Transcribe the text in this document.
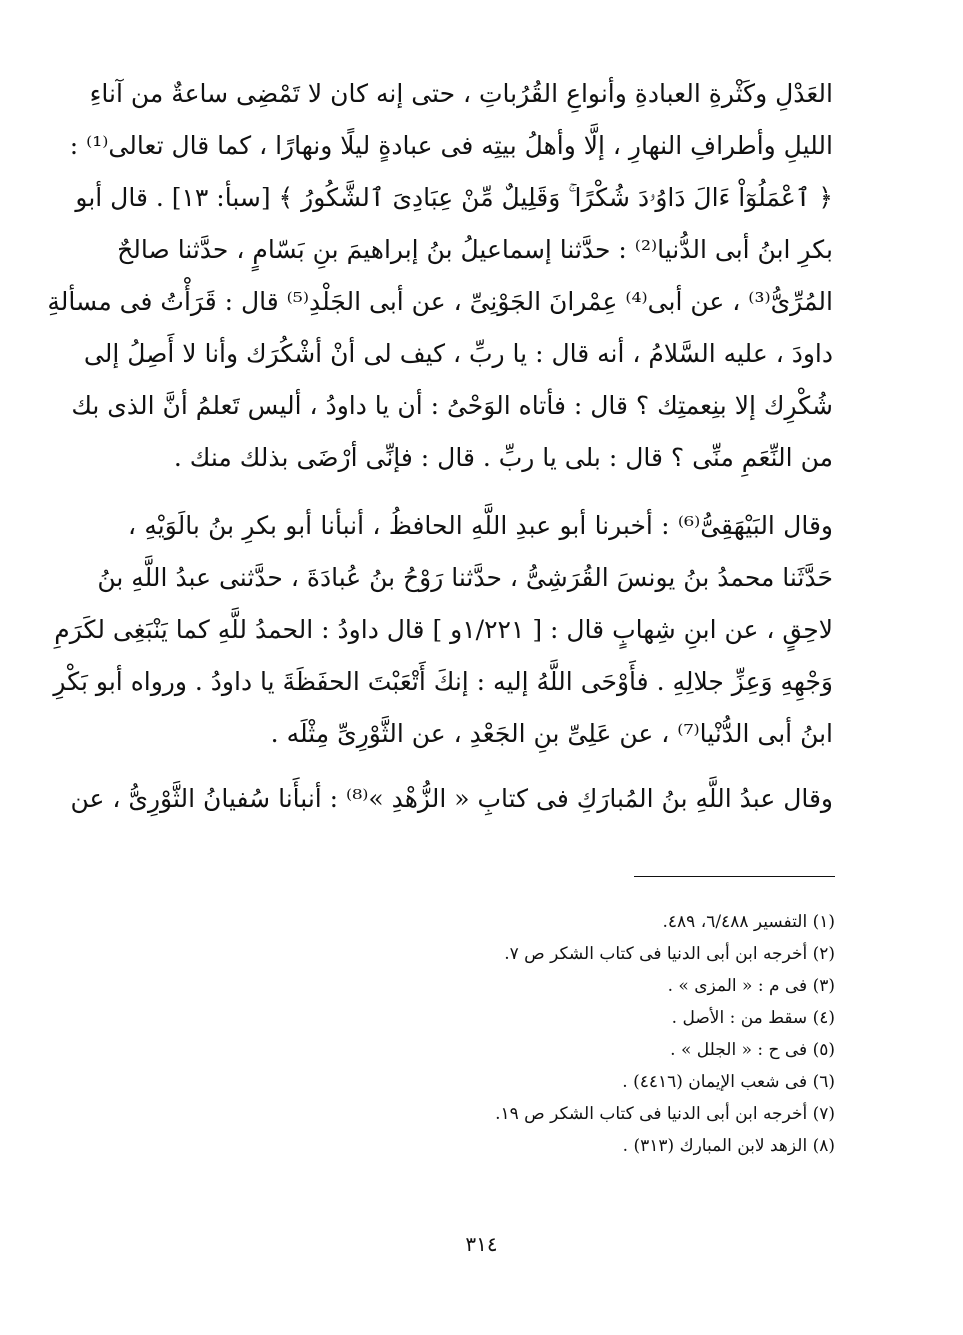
العَدْلِ وكَثْرةِ العبادةِ وأنواعِ القُرُباتِ ، حتى إنه كان لا تَمْضِى ساعةٌ من آناءِ
الليلِ وأطرافِ النهارِ ، إلَّا وأهلُ بيتِه فى عبادةٍ ليلًا ونهارًا ، كما قال تعالى⁽¹⁾ :
﴿ ٱعْمَلُوٓاْ ءَالَ دَاوُۥدَ شُكْرًا ۚ وَقَلِيلٌ مِّنْ عِبَادِىَ ٱلشَّكُورُ ﴾ [سبأ: ١٣] . قال أبو
بكرِ ابنُ أبى الدُّنيا⁽²⁾ : حدَّثنا إسماعيلُ بنُ إبراهيمَ بنِ بَسّامٍ ، حدَّثنا صالحٌ
المُرِّىُّ⁽³⁾ ، عن أبى⁽⁴⁾ عِمْرانَ الجَوْنِىِّ ، عن أبى الجَلْدِ⁽⁵⁾ قال : قَرَأْتُ فى مسألةِ
داودَ ، عليه السَّلامُ ، أنه قال : يا ربِّ ، كيف لى أنْ أشْكُرَك وأنا لا أَصِلُ إلى
شُكْرِك إلا بنِعمتِك ؟ قال : فأتاه الوَحْىُ : أن يا داودُ ، أليس تَعلمُ أنَّ الذى بك
من النِّعَمِ منِّى ؟ قال : بلى يا ربِّ . قال : فإنِّى أرْضَى بذلك منك .
وقال البَيْهَقِىُّ⁽⁶⁾ : أخبرنا أبو عبدِ اللَّهِ الحافظُ ، أنبأنا أبو بكرِ بنُ بالَوَيْهِ ،
حَدَّثَنا محمدُ بنُ يونسَ القُرَشِىُّ ، حدَّثنا رَوْحُ بنُ عُبادَةَ ، حدَّثنى عبدُ اللَّهِ بنُ
لاحِقٍ ، عن ابنِ شِهابٍ قال : [ ١/٢٢١و ] قال داودُ : الحمدُ للَّهِ كما يَنْبَغِى لكَرَمِ
وَجْهِهِ وَعِزِّ جلالِهِ . فأَوْحَى اللَّهُ إليه : إنكَ أَتْعَبْتَ الحفَظَةَ يا داودُ . ورواه أبو بَكْرِ
ابنُ أبى الدُّنْيا⁽⁷⁾ ، عن عَلِىِّ بنِ الجَعْدِ ، عن الثَّوْرِىِّ مِثْلَه .
وقال عبدُ اللَّهِ بنُ المُبارَكِ فى كتابِ « الزُّهْدِ »⁽⁸⁾ : أنبأَنا سُفيانُ الثَّوْرِىُّ ، عن
(١) التفسير ٦/٤٨٨، ٤٨٩.
(٢) أخرجه ابن أبى الدنيا فى كتاب الشكر ص ٧.
(٣) فى م : « المزى » .
(٤) سقط من : الأصل .
(٥) فى ح : « الجلل » .
(٦) فى شعب الإيمان (٤٤١٦) .
(٧) أخرجه ابن أبى الدنيا فى كتاب الشكر ص ١٩.
(٨) الزهد لابن المبارك (٣١٣) .
٣١٤
